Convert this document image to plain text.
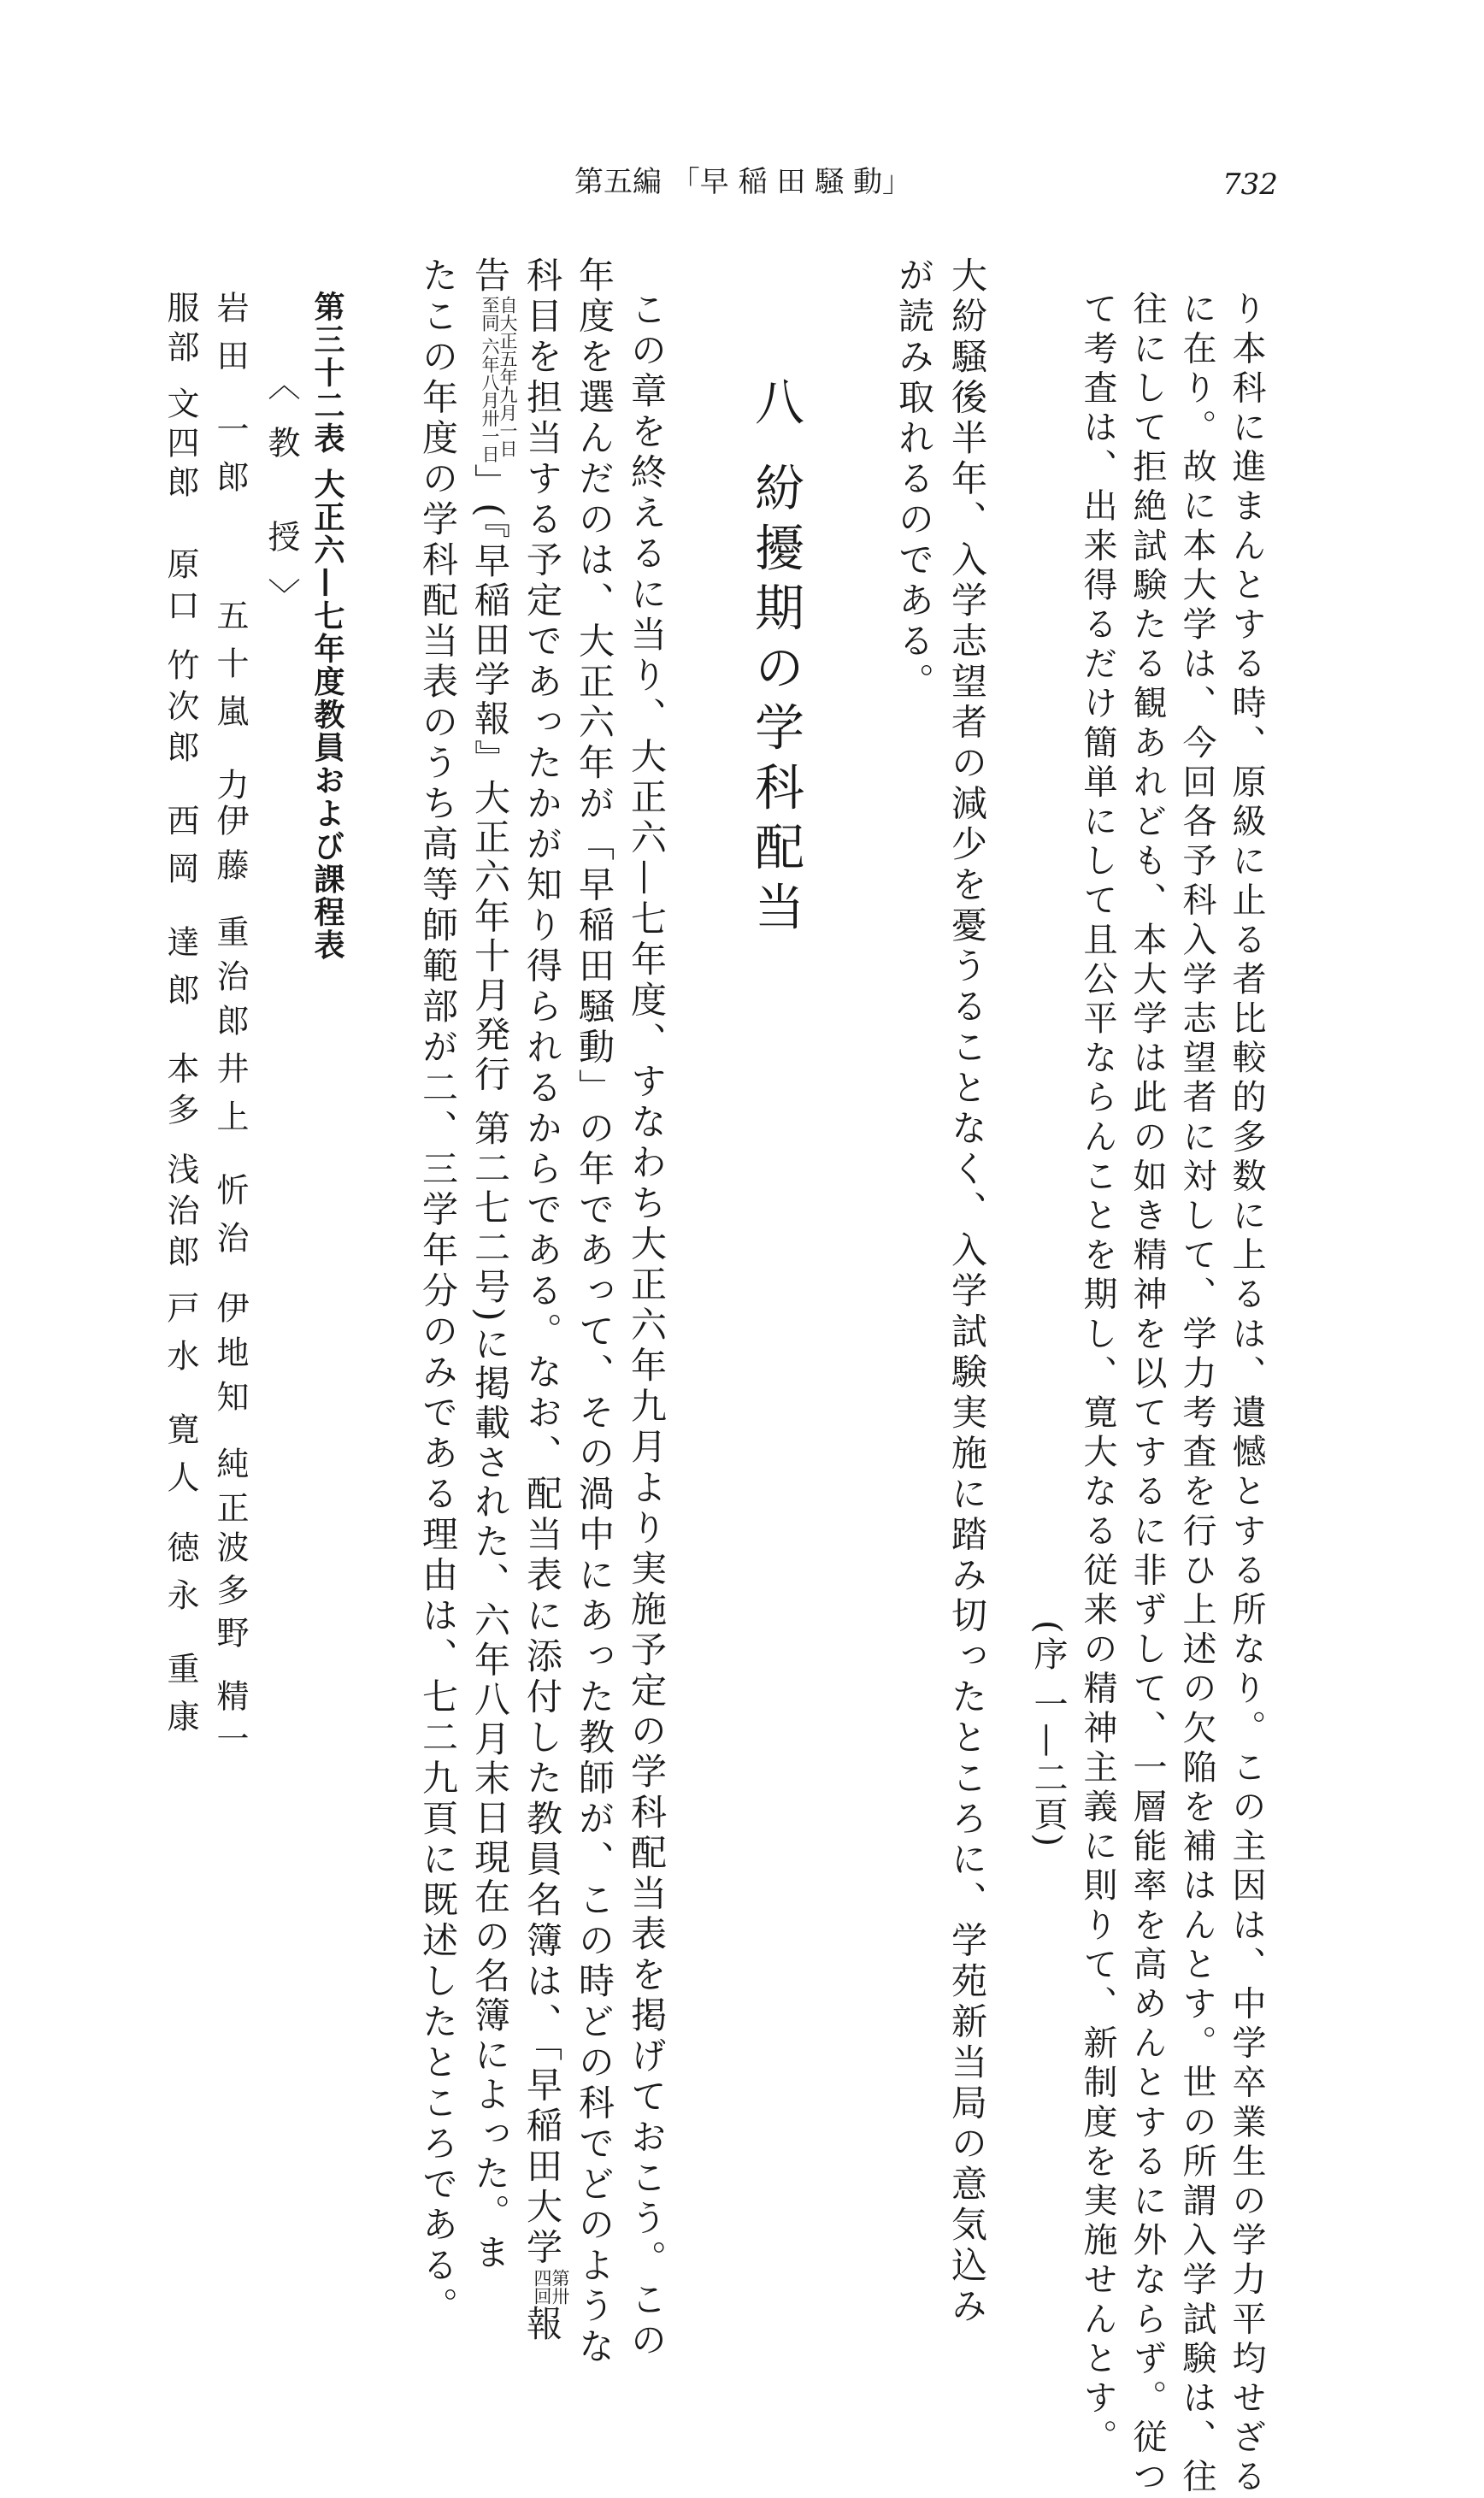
第五編 「早 稲 田 騒 動」	732
り本科に進まんとする時、原級に止る者比較的多数に上るは、遺憾とする所なり。この主因は、中学卒業生の学力平均せざる
に在り。故に本大学は、今回各予科入学志望者に対して、学力考査を行ひ上述の欠陥を補はんとす。世の所謂入学試験は、往
往にして拒絶試験たる観あれども、本大学は此の如き精神を以てするに非ずして、一層能率を高めんとするに外ならず。従つ
て考査は、出来得るだけ簡単にして且公平ならんことを期し、寛大なる従来の精神主義に則りて、新制度を実施せんとす。
(序 一—二頁)
大紛騒後半年、入学志望者の減少を憂うることなく、入学試験実施に踏み切ったところに、学苑新当局の意気込み
が読み取れるのである。
八 紛擾期の学科配当
この章を終えるに当り、大正六—七年度、すなわち大正六年九月より実施予定の学科配当表を掲げておこう。この
年度を選んだのは、大正六年が「早稲田騒動」の年であって、その渦中にあった教師が、この時どの科でどのような
科目を担当する予定であったかが知り得られるからである。なお、配当表に添付した教員名簿は、「早稲田大学第卅
四回報
告自大正五年九月一日
至同 六年八月卅一日」(『早稲田学報』大正六年十月発行 第二七二号)に掲載された、六年八月末日現在の名簿によった。ま
たこの年度の学科配当表のうち高等師範部が二、三学年分のみである理由は、七二九頁に既述したところである。
第三十二表 大正六—七年度教員および課程表
〈教 授〉
岩田 一郎
五十嵐 力
伊藤 重治郎
井上 忻治
伊地知 純正
波多野 精一
服部 文四郎
原口 竹次郎
西岡 達郎
本多 浅治郎
戸水 寛人
徳永 重康
